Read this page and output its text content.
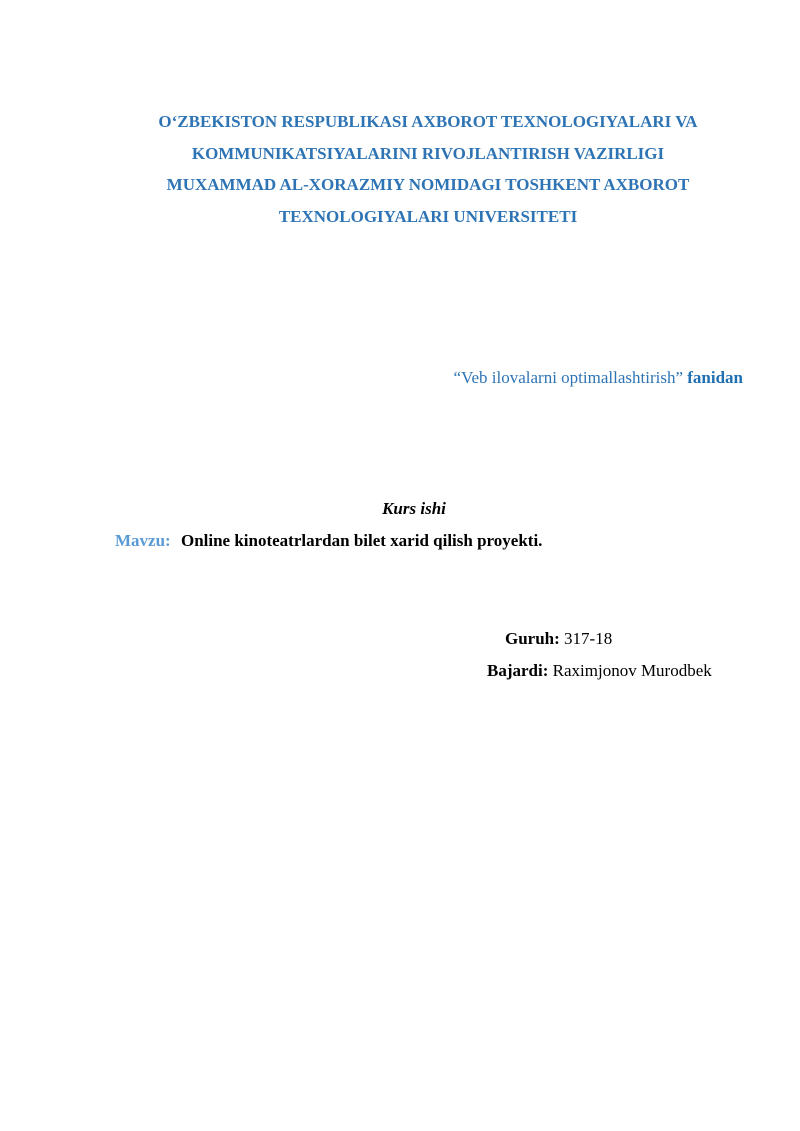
O‘ZBEKISTON RESPUBLIKASI AXBOROT TEXNOLOGIYALARI VA
KOMMUNIKATSIYALARINI RIVOJLANTIRISH VAZIRLIGI
MUXAMMAD AL-XORAZMIY NOMIDAGI TOSHKENT AXBOROT
TEXNOLOGIYALARI UNIVERSITETI
“Veb ilovalarni optimallashtirish” fanidan
Kurs ishi
Mavzu: Online kinoteatrlardan bilet xarid qilish proyekti.
Guruh: 317-18
Bajardi: Raximjonov Murodbek
